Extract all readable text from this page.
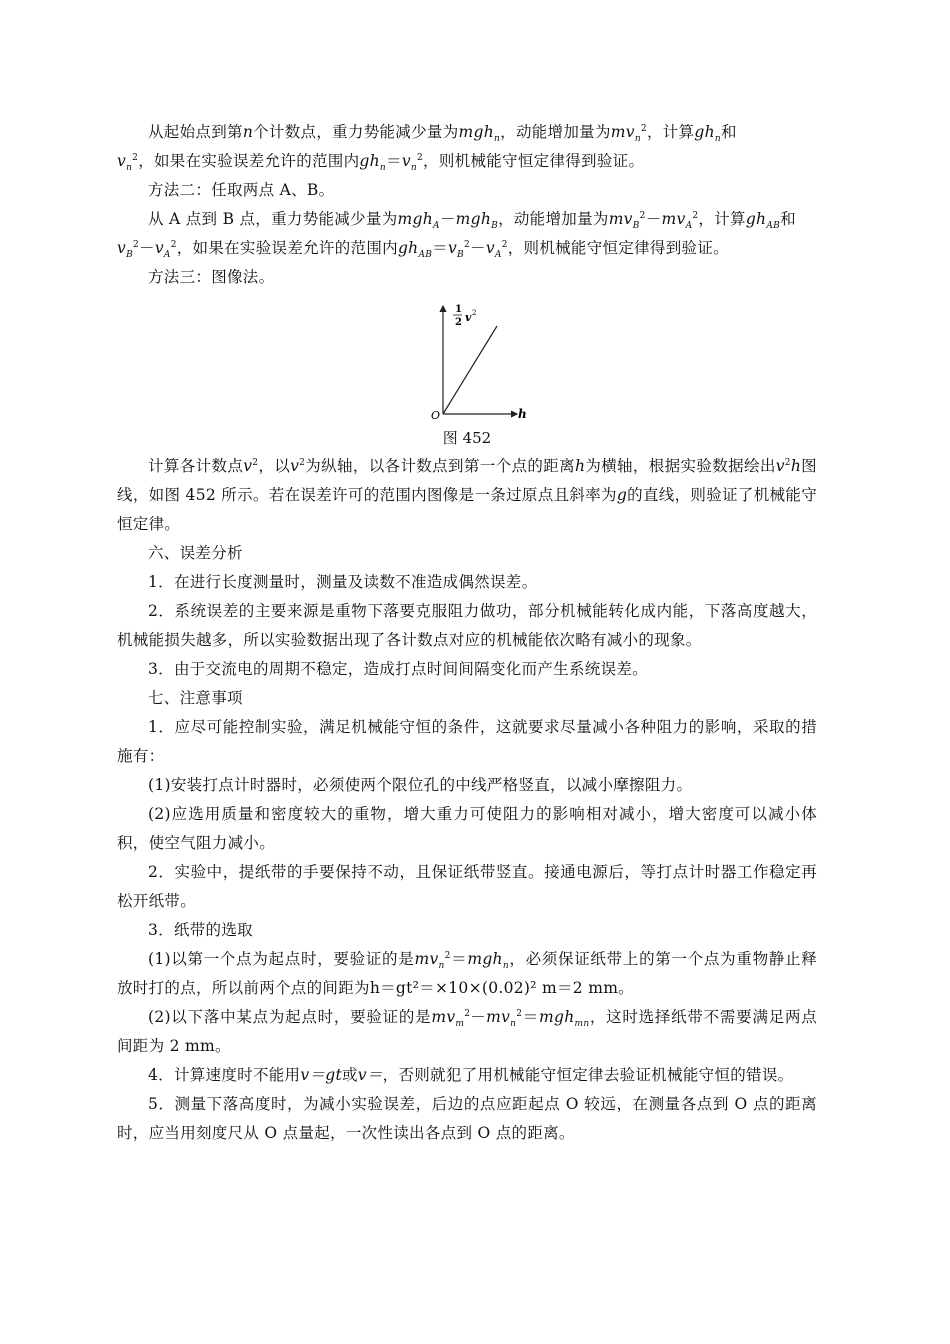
从起始点到第n个计数点，重力势能减少量为mgh$_n$，动能增加量为$mv_n^2$，计算$gh_n$和
$v_n^2$，如果在实验误差允许的范围内$gh_n=v_n^2$，则机械能守恒定律得到验证。

方法二：任取两点 A、B。

从 A 点到 B 点，重力势能减少量为mgh$_A$－mgh$_B$，动能增加量为$mv_B^2-mv_A^2$，计算$gh_{AB}$和
$v_B^2-v_A^2$，如果在实验误差允许的范围内$gh_{AB}=v_B^2-v_A^2$，则机械能守恒定律得到验证。

方法三：图像法。

1
2 v 2
h
O
图 452

计算各计数点$v^2$，以$v^2$为纵轴，以各计数点到第一个点的距离h为横轴，根据实验数据绘出$v^2h$图线，如图 452 所示。若在误差许可的范围内图像是一条过原点且斜率为g的直线，则验证了机械能守恒定律。

六、误差分析

1．在进行长度测量时，测量及读数不准造成偶然误差。

2．系统误差的主要来源是重物下落要克服阻力做功，部分机械能转化成内能，下落高度越大，机械能损失越多，所以实验数据出现了各计数点对应的机械能依次略有减小的现象。

3．由于交流电的周期不稳定，造成打点时间间隔变化而产生系统误差。

七、注意事项

1．应尽可能控制实验，满足机械能守恒的条件，这就要求尽量减小各种阻力的影响，采取的措施有：

(1)安装打点计时器时，必须使两个限位孔的中线严格竖直，以减小摩擦阻力。

(2)应选用质量和密度较大的重物，增大重力可使阻力的影响相对减小，增大密度可以减小体积，使空气阻力减小。

2．实验中，提纸带的手要保持不动，且保证纸带竖直。接通电源后，等打点计时器工作稳定再松开纸带。

3．纸带的选取

(1)以第一个点为起点时，要验证的是$mv_n^2=mgh_n$，必须保证纸带上的第一个点为重物静止释放时打的点，所以前两个点的间距为h＝gt²＝×10×(0.02)² m＝2 mm。

(2)以下落中某点为起点时，要验证的是$mv_m^2-mv_n^2=mgh_{mn}$，这时选择纸带不需要满足两点间距为 2 mm。

4．计算速度时不能用v＝gt或v＝，否则就犯了用机械能守恒定律去验证机械能守恒的错误。

5．测量下落高度时，为减小实验误差，后边的点应距起点 O 较远，在测量各点到 O 点的距离时，应当用刻度尺从 O 点量起，一次性读出各点到 O 点的距离。
